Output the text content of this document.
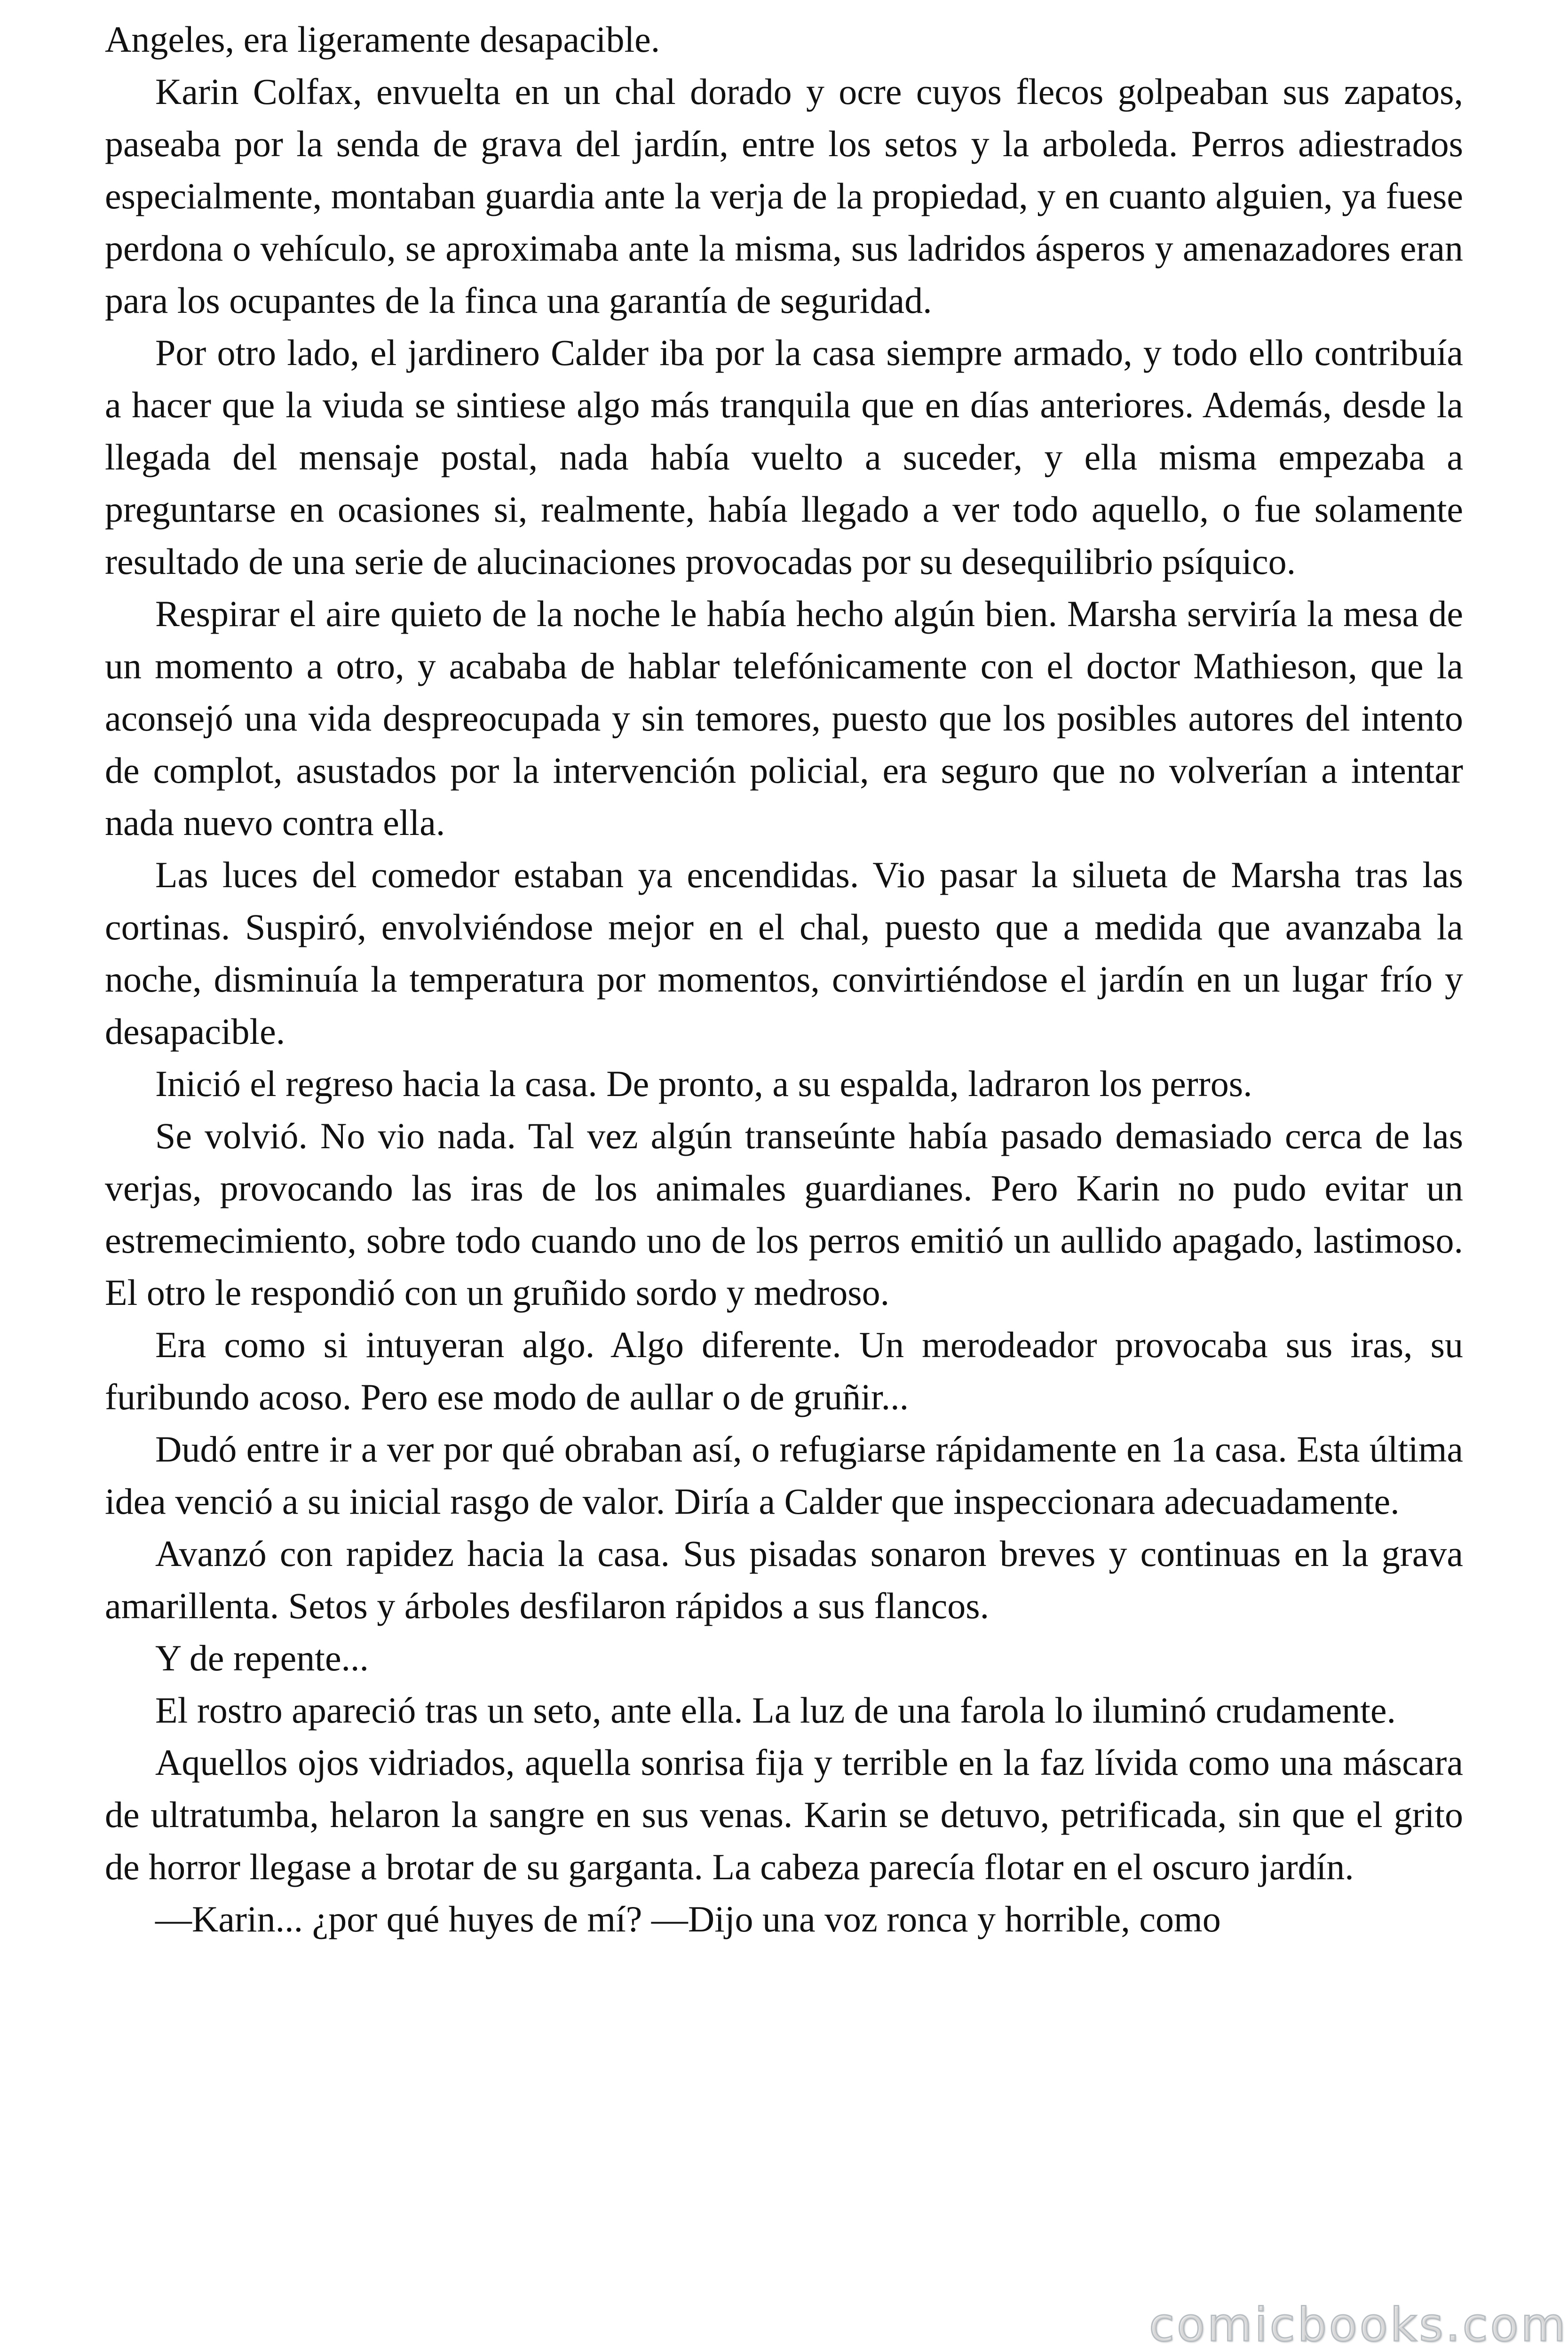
Angeles, era ligeramente desapacible.

Karin Colfax, envuelta en un chal dorado y ocre cuyos flecos golpeaban sus zapatos, paseaba por la senda de grava del jardín, entre los setos y la arboleda. Perros adiestrados especialmente, montaban guardia ante la verja de la propiedad, y en cuanto alguien, ya fuese perdona o vehículo, se aproximaba ante la misma, sus ladridos ásperos y amenazadores eran para los ocupantes de la finca una garantía de seguridad.

Por otro lado, el jardinero Calder iba por la casa siempre armado, y todo ello contribuía a hacer que la viuda se sintiese algo más tranquila que en días anteriores. Además, desde la llegada del mensaje postal, nada había vuelto a suceder, y ella misma empezaba a preguntarse en ocasiones si, realmente, había llegado a ver todo aquello, o fue solamente resultado de una serie de alucinaciones provocadas por su desequilibrio psíquico.

Respirar el aire quieto de la noche le había hecho algún bien. Marsha serviría la mesa de un momento a otro, y acababa de hablar telefónicamente con el doctor Mathieson, que la aconsejó una vida despreocupada y sin temores, puesto que los posibles autores del intento de complot, asustados por la intervención policial, era seguro que no volverían a intentar nada nuevo contra ella.

Las luces del comedor estaban ya encendidas. Vio pasar la silueta de Marsha tras las cortinas. Suspiró, envolviéndose mejor en el chal, puesto que a medida que avanzaba la noche, disminuía la temperatura por momentos, convirtiéndose el jardín en un lugar frío y desapacible.

Inició el regreso hacia la casa. De pronto, a su espalda, ladraron los perros.

Se volvió. No vio nada. Tal vez algún transeúnte había pasado demasiado cerca de las verjas, provocando las iras de los animales guardianes. Pero Karin no pudo evitar un estremecimiento, sobre todo cuando uno de los perros emitió un aullido apagado, lastimoso. El otro le respondió con un gruñido sordo y medroso.

Era como si intuyeran algo. Algo diferente. Un merodeador provocaba sus iras, su furibundo acoso. Pero ese modo de aullar o de gruñir...

Dudó entre ir a ver por qué obraban así, o refugiarse rápidamente en 1a casa. Esta última idea venció a su inicial rasgo de valor. Diría a Calder que inspeccionara adecuadamente.

Avanzó con rapidez hacia la casa. Sus pisadas sonaron breves y continuas en la grava amarillenta. Setos y árboles desfilaron rápidos a sus flancos.

Y de repente...

El rostro apareció tras un seto, ante ella. La luz de una farola lo iluminó crudamente.

Aquellos ojos vidriados, aquella sonrisa fija y terrible en la faz lívida como una máscara de ultratumba, helaron la sangre en sus venas. Karin se detuvo, petrificada, sin que el grito de horror llegase a brotar de su garganta. La cabeza parecía flotar en el oscuro jardín.

—Karin... ¿por qué huyes de mí? —Dijo una voz ronca y horrible, como

comicbooks.com
